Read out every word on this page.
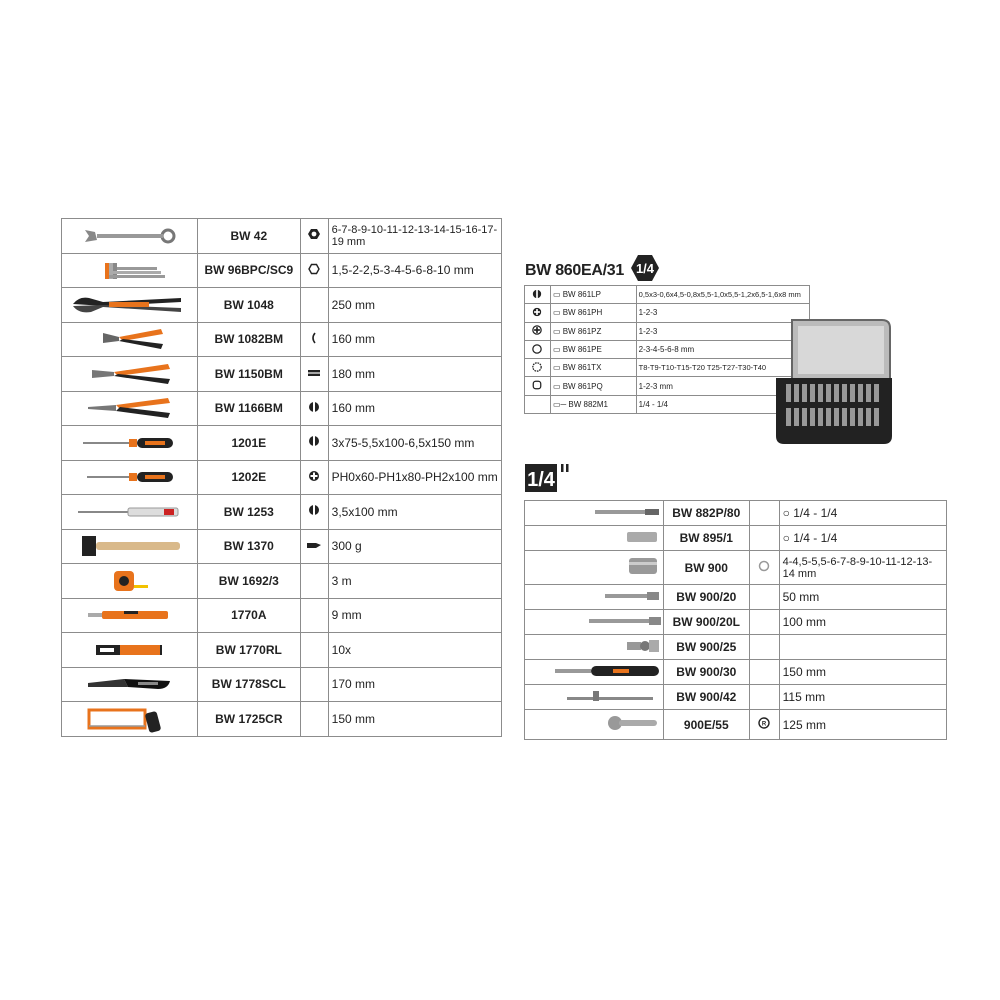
	BW 42		6-7-8-9-10-11-12-13-14-15-16-17-19 mm

	BW 96BPC/SC9		1,5-2-2,5-3-4-5-6-8-10 mm

	BW 1048		250 mm

	BW 1082BM		160 mm

	BW 1150BM		180 mm

	BW 1166BM		160 mm

	1201E		3x75-5,5x100-6,5x150 mm

	1202E		PH0x60-PH1x80-PH2x100 mm

	BW 1253		3,5x100 mm

	BW 1370		300 g

	BW 1692/3		3 m

	1770A		9 mm

	BW 1770RL		10x

	BW 1778SCL		170 mm

	BW 1725CR		150 mm
BW 860EA/31 1/4
	▭ BW 861LP	0,5x3-0,6x4,5-0,8x5,5-1,0x5,5-1,2x6,5-1,6x8 mm
	▭ BW 861PH	1-2-3
	▭ BW 861PZ	1-2-3
	▭ BW 861PE	2-3-4-5-6-8 mm
	▭ BW 861TX	T8-T9-T10-T15-T20 T25-T27-T30-T40
	▭ BW 861PQ	1-2-3 mm
	▭─ BW 882M1	1/4 - 1/4
1/4
	BW 882P/80		○ 1/4 - 1/4
	BW 895/1		○ 1/4 - 1/4
	BW 900		4-4,5-5,5-6-7-8-9-10-11-12-13-14 mm
	BW 900/20		50 mm
	BW 900/20L		100 mm
	BW 900/25		
	BW 900/30		150 mm
	BW 900/42		115 mm
	900E/55	R	125 mm
